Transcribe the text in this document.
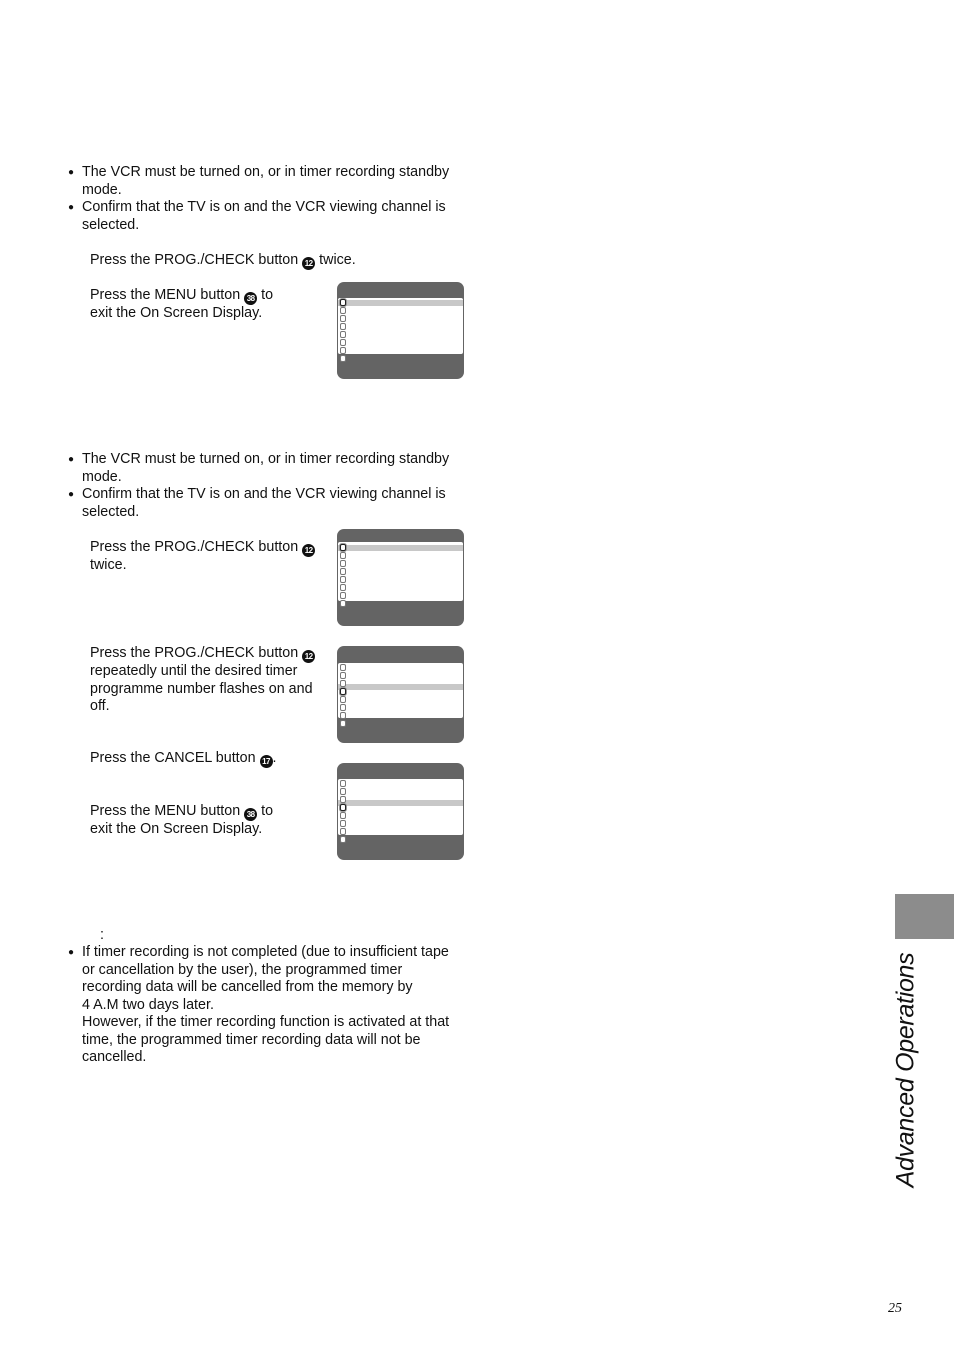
● The VCR must be turned on, or in timer recording standby
mode.
● Confirm that the TV is on and the VCR viewing channel is
selected.
Press the PROG./CHECK button 12 twice.
Press the MENU button 38 to
exit the On Screen Display.
● The VCR must be turned on, or in timer recording standby
mode.
● Confirm that the TV is on and the VCR viewing channel is
selected.
Press the PROG./CHECK button 12
twice.
Press the PROG./CHECK button 12
repeatedly until the desired timer
programme number flashes on and
off.
Press the CANCEL button 17 .
Press the MENU button 38 to
exit the On Screen Display.
:
● If timer recording is not completed (due to insufficient tape
or cancellation by the user), the programmed timer
recording data will be cancelled from the memory by
4 A.M two days later.
However, if the timer recording function is activated at that
time, the programmed timer recording data will not be
cancelled.	Advanced Operations
25
